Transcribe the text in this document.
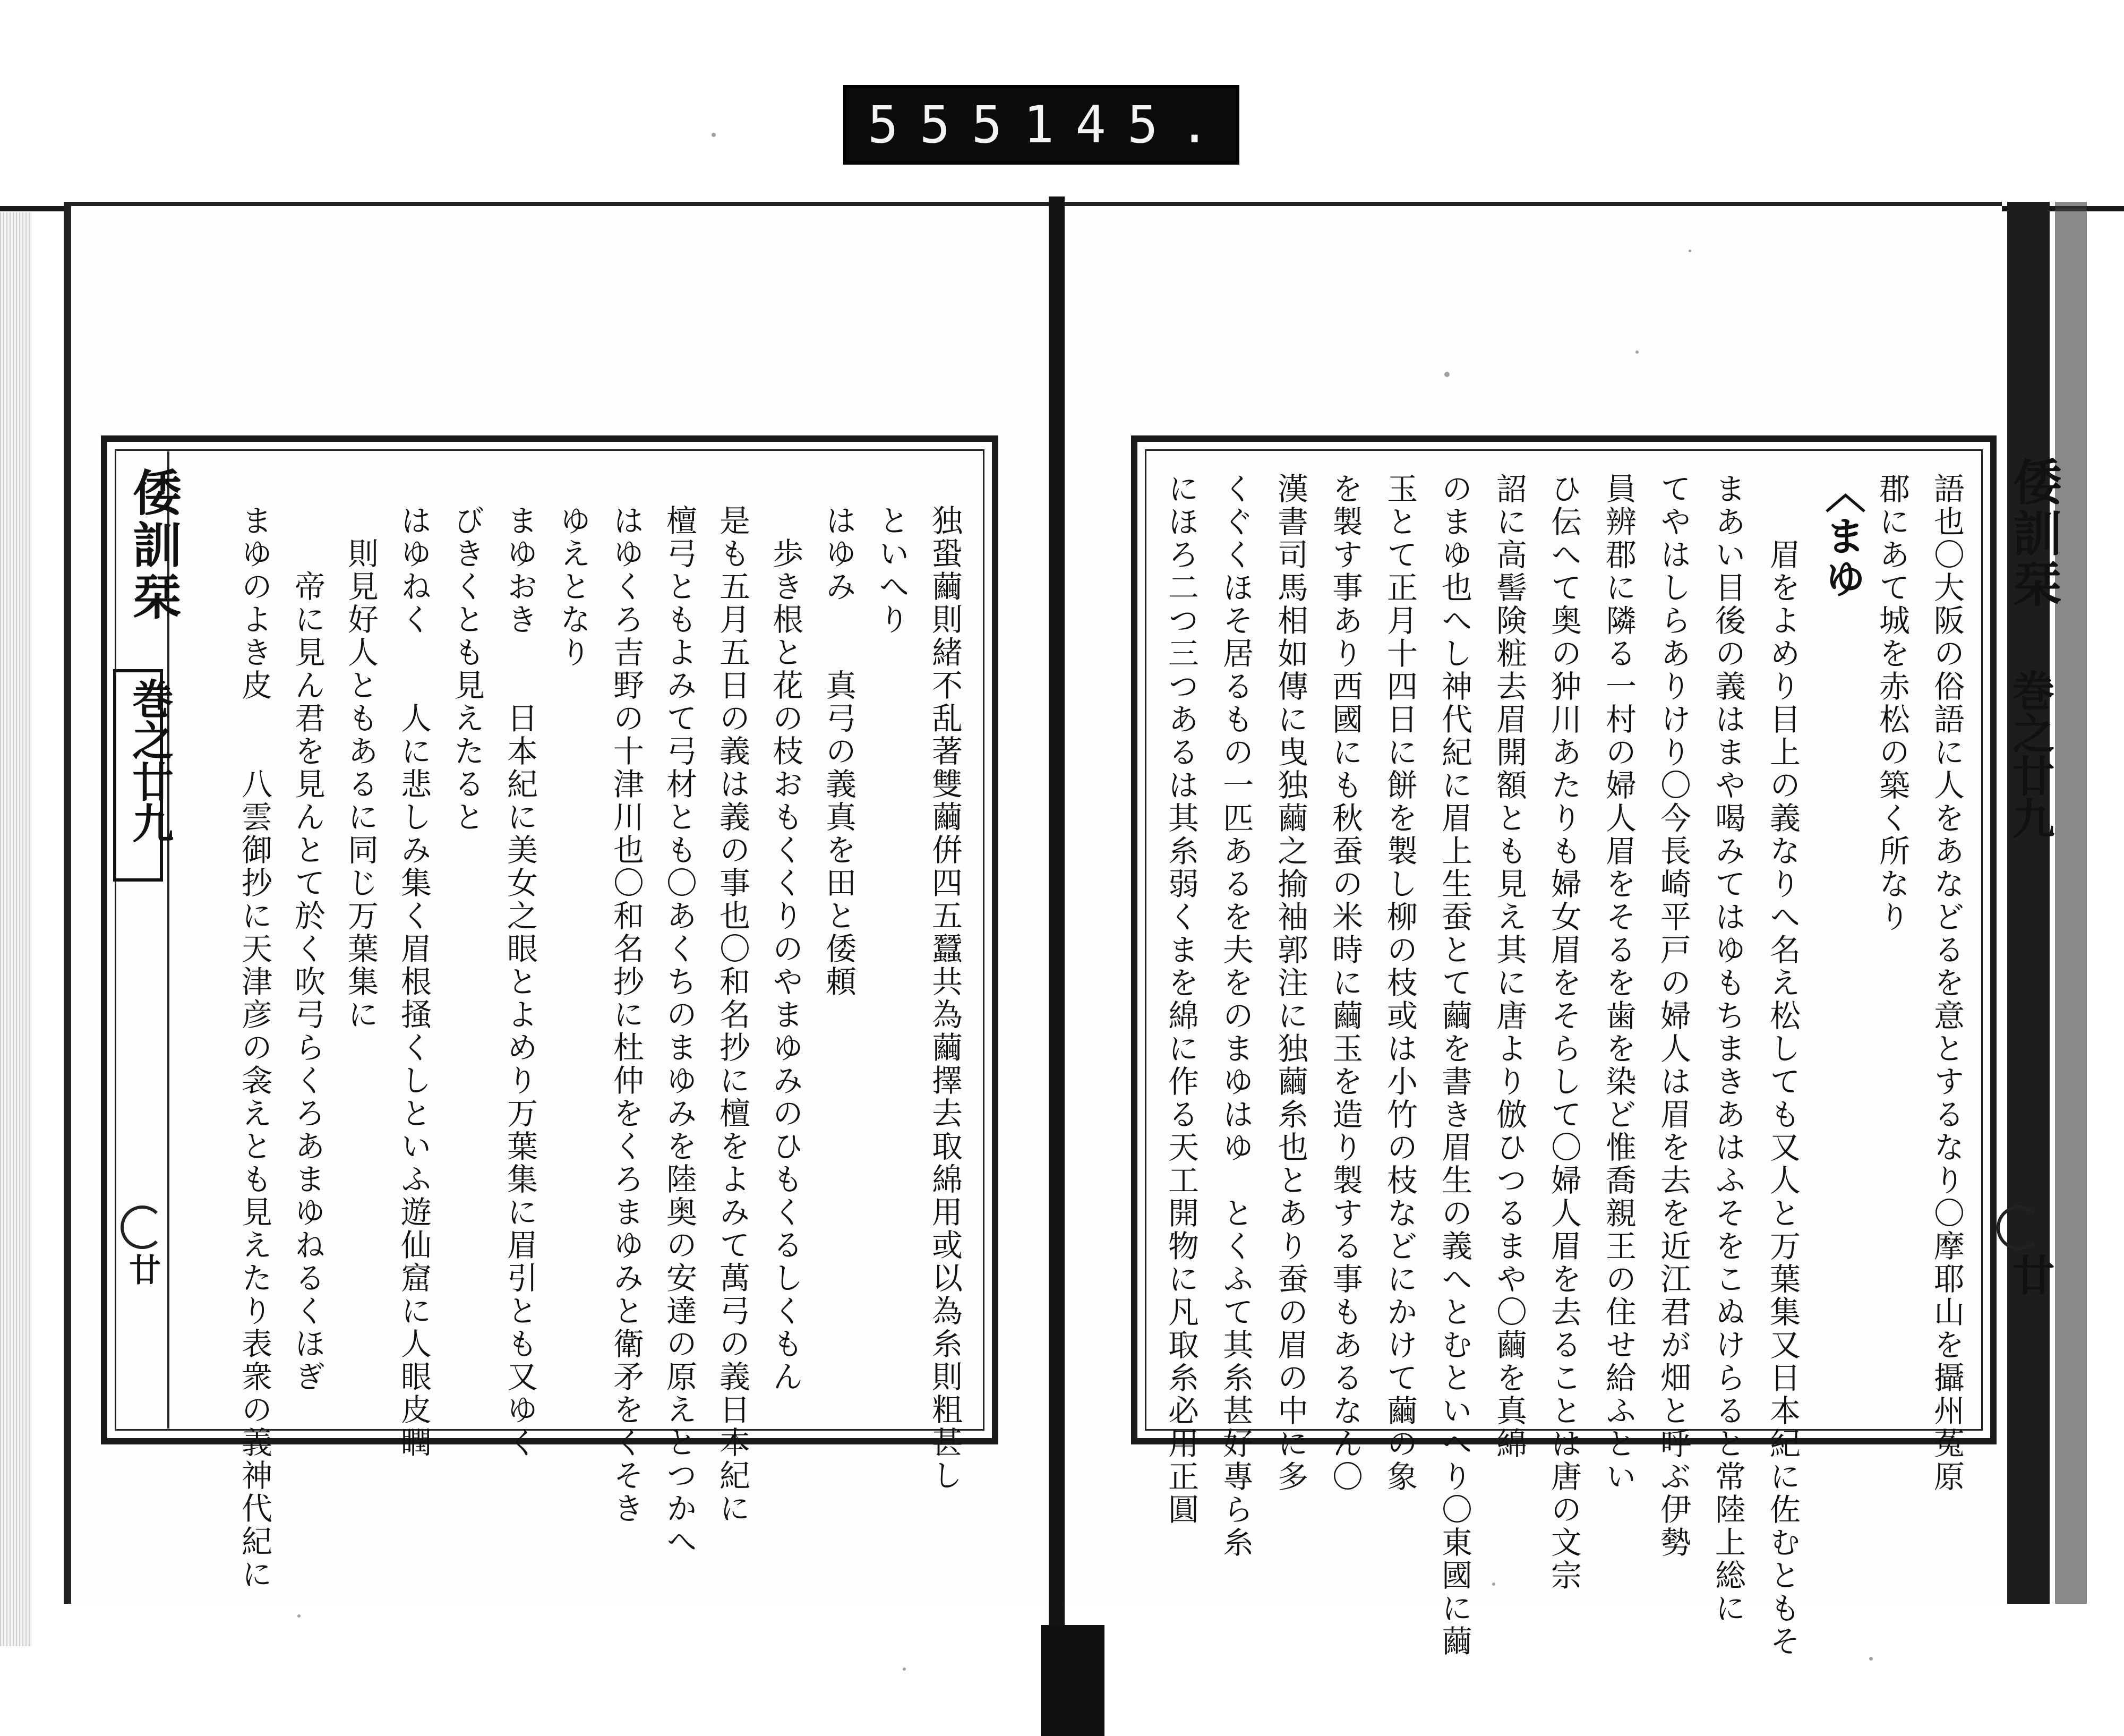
555 145.
倭訓栞
巻之廿九
廿	独蛩繭則緒不乱著雙繭倂四五蠶共為繭擇去取綿用或以為糸則粗甚し
といへり
はゆみ　　真弓の義真を田と倭頼
　歩き根と花の枝おもくくりのやまゆみのひもくるしくもん
是も五月五日の義は義の事也〇和名抄に檀をよみて萬弓の義日本紀に
檀弓ともよみて弓材とも〇あくちのまゆみを陸奥の安達の原えとつかへ
はゆくろ吉野の十津川也〇和名抄に杜仲をくろまゆみと衛矛をくそき
ゆえとなり
まゆおき　　日本紀に美女之眼とよめり万葉集に眉引とも又ゆく
びきくとも見えたると
はゆねく　　人に悲しみ集く眉根掻くしといふ遊仙窟に人眼皮瞤
　則見好人ともあるに同じ万葉集に
　　帝に見ん君を見んとて於く吹弓らくろあまゆねるくほぎ
まゆのよき皮　　八雲御抄に天津彦の衾えとも見えたり表衆の義神代紀に	倭訓栞
巻之廿九
廿
語也〇大阪の俗語に人をあなどるを意とするなり〇摩耶山を攝州菟原
郡にあて城を赤松の築く所なり
〈まゆ
　　眉をよめり目上の義なりへ名え松しても又人と万葉集又日本紀に佐むともそ
まあい目後の義はまや喝みてはゆもちまきあはふそをこぬけらると常陸上総に
てやはしらありけり〇今長崎平戸の婦人は眉を去を近江君が畑と呼ぶ伊勢
員辨郡に隣る一村の婦人眉をそるを歯を染ど惟喬親王の住せ給ふとい
ひ伝へて奥の狆川あたりも婦女眉をそらして〇婦人眉を去ることは唐の文宗
詔に高髻険粧去眉開額とも見え其に唐より倣ひつるまや〇繭を真綿
のまゆ也へし神代紀に眉上生蚕とて繭を書き眉生の義へとむといへり〇東國に繭
玉とて正月十四日に餅を製し柳の枝或は小竹の枝などにかけて繭の象
を製す事あり西國にも秋蚕の米時に繭玉を造り製する事もあるなん〇
漢書司馬相如傳に曳独繭之揄袖郭注に独繭糸也とあり蚕の眉の中に多
くぐくほそ居るもの一匹あるを夫をのまゆはゆ　とくふて其糸甚好專ら糸
にほろ二つ三つあるは其糸弱くまを綿に作る天工開物に凡取糸必用正圓
